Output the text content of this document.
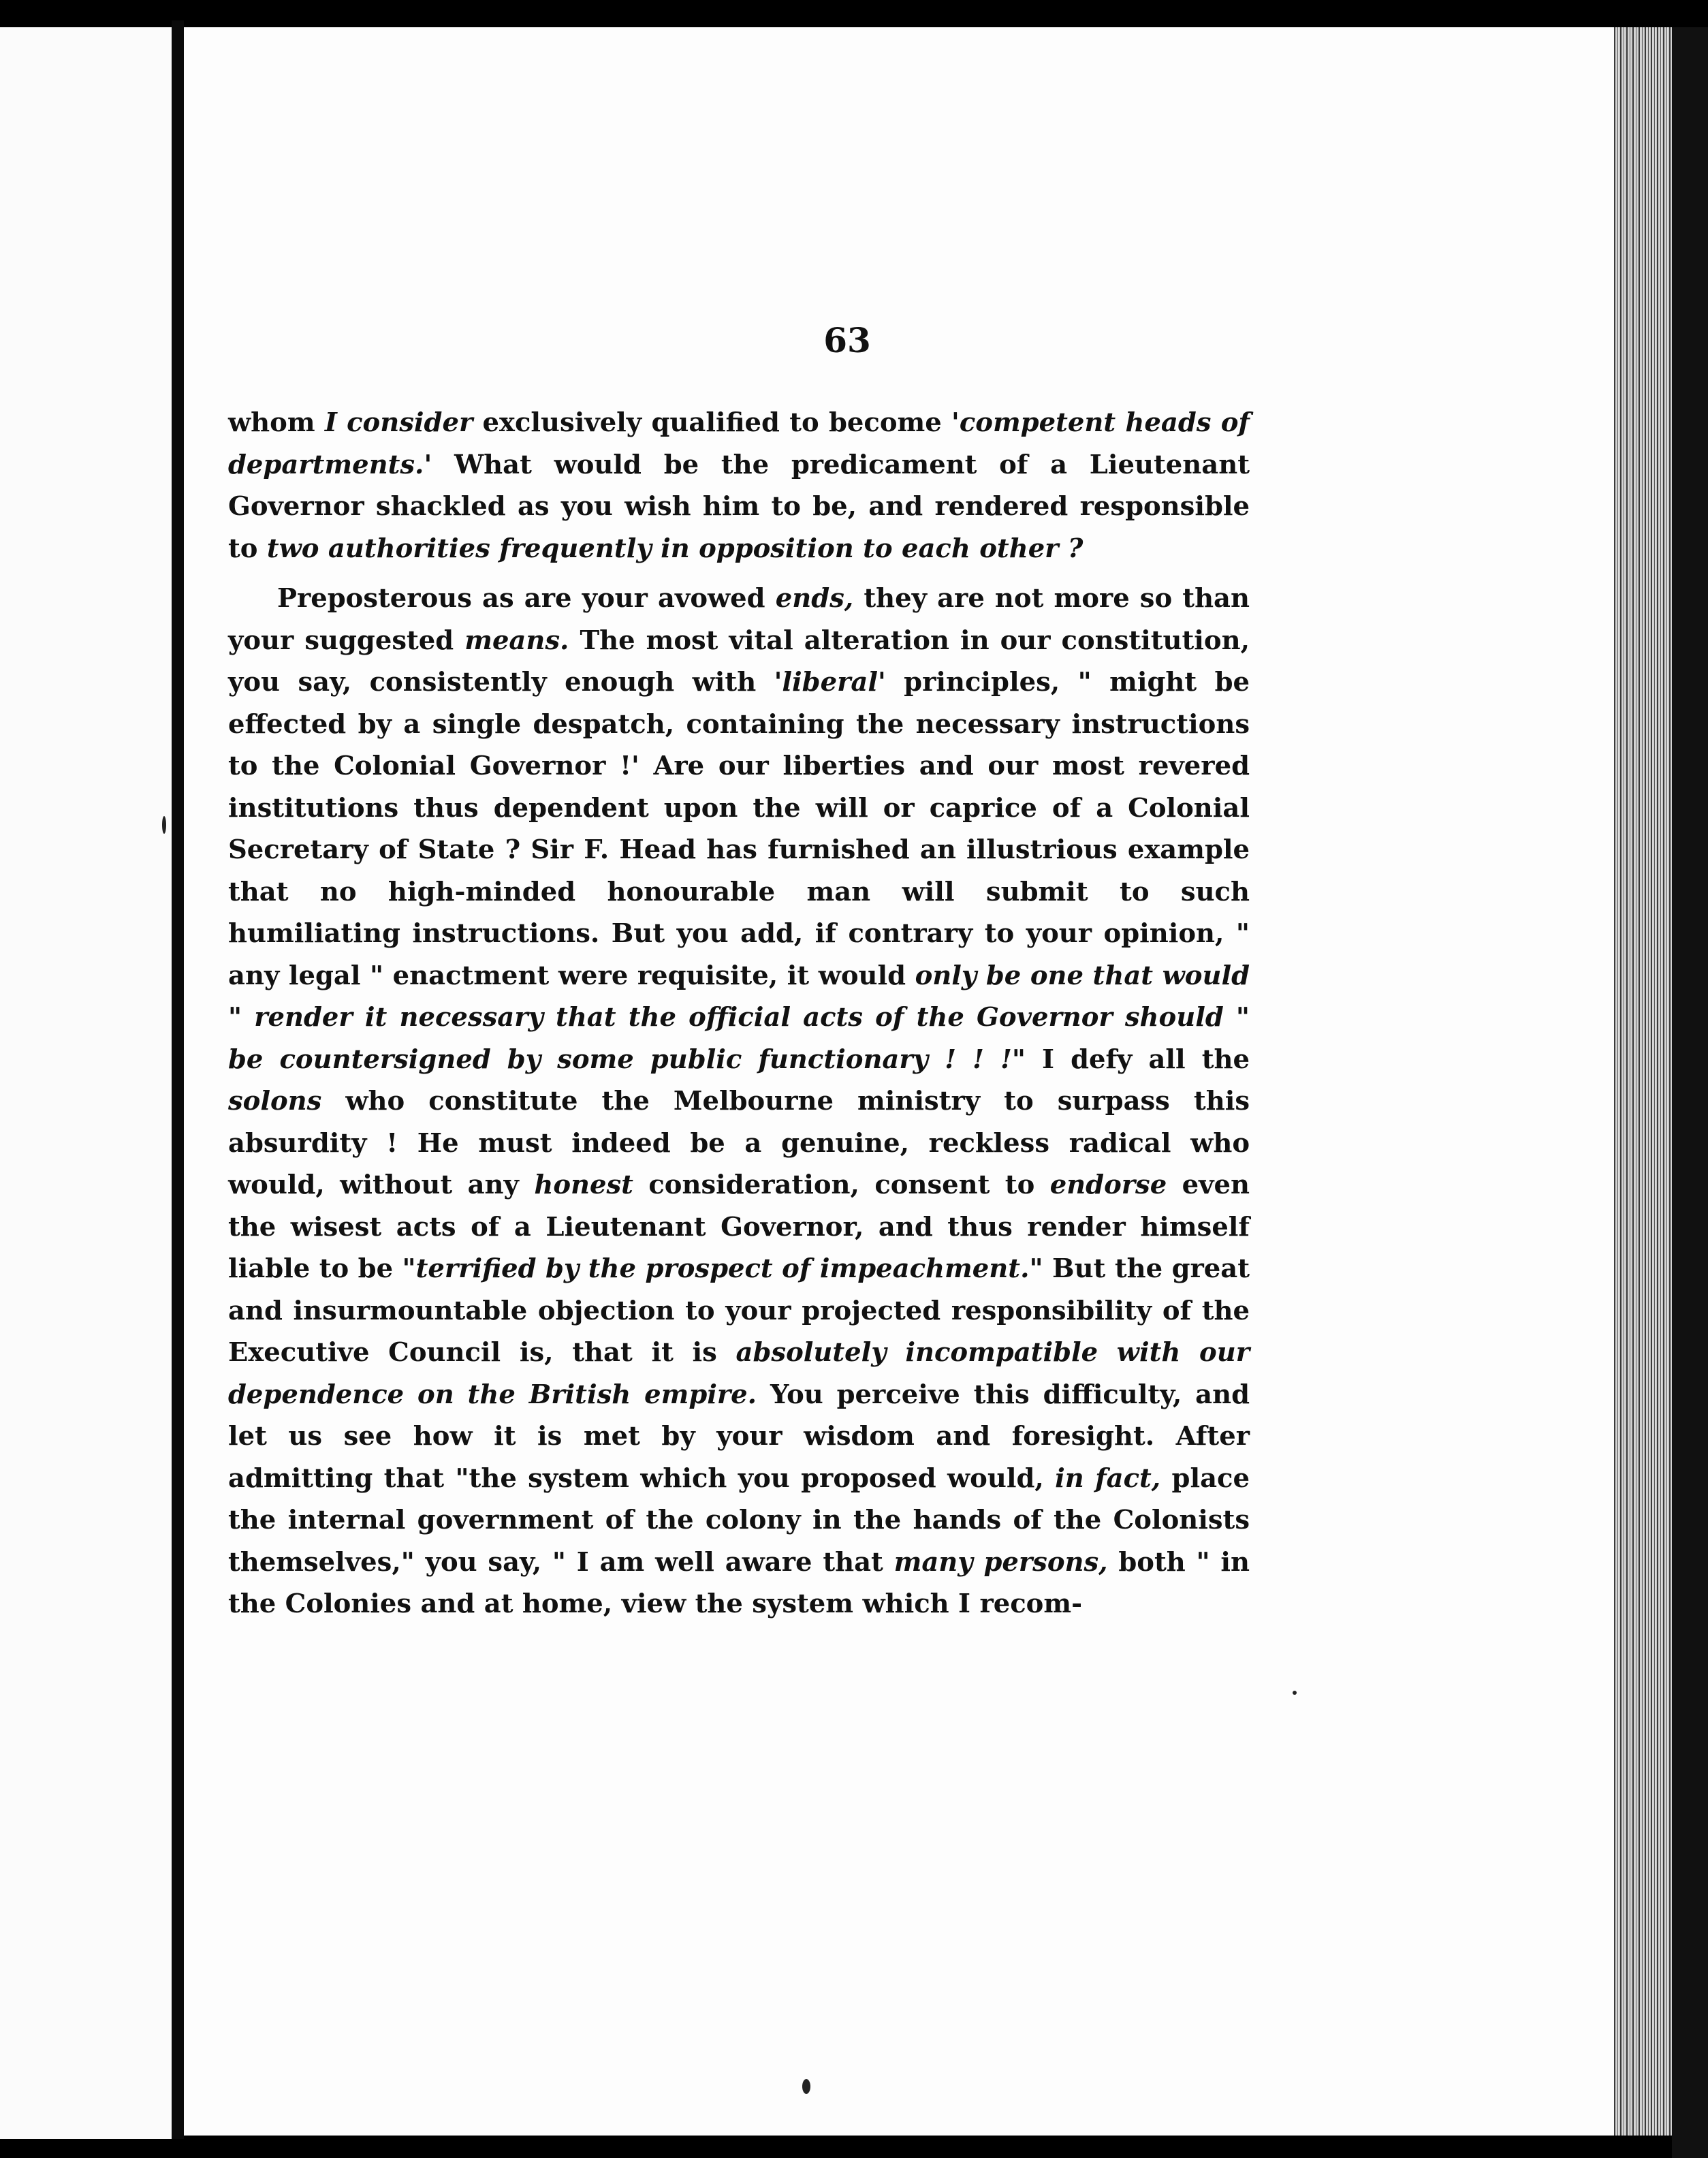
63

whom I consider exclusively qualified to become 'competent heads of departments.' What would be the predicament of a Lieutenant Governor shackled as you wish him to be, and rendered responsible to two authorities frequently in opposition to each other ?

Preposterous as are your avowed ends, they are not more so than your suggested means. The most vital alteration in our constitution, you say, consistently enough with 'liberal' principles, " might be effected by a single despatch, containing the necessary instructions to the Colonial Governor !' Are our liberties and our most revered institutions thus dependent upon the will or caprice of a Colonial Secretary of State ? Sir F. Head has furnished an illustrious example that no high-minded honourable man will submit to such humiliating instructions. But you add, if contrary to your opinion, " any legal " enactment were requisite, it would only be one that would " render it necessary that the official acts of the Governor should " be countersigned by some public functionary ! ! !" I defy all the solons who constitute the Melbourne ministry to surpass this absurdity ! He must indeed be a genuine, reckless radical who would, without any honest consideration, consent to endorse even the wisest acts of a Lieutenant Governor, and thus render himself liable to be "terrified by the prospect of impeachment." But the great and insurmountable objection to your projected responsibility of the Executive Council is, that it is absolutely incompatible with our dependence on the British empire. You perceive this difficulty, and let us see how it is met by your wisdom and foresight. After admitting that "the system which you proposed would, in fact, place the internal government of the colony in the hands of the Colonists themselves," you say, " I am well aware that many persons, both " in the Colonies and at home, view the system which I recom-
